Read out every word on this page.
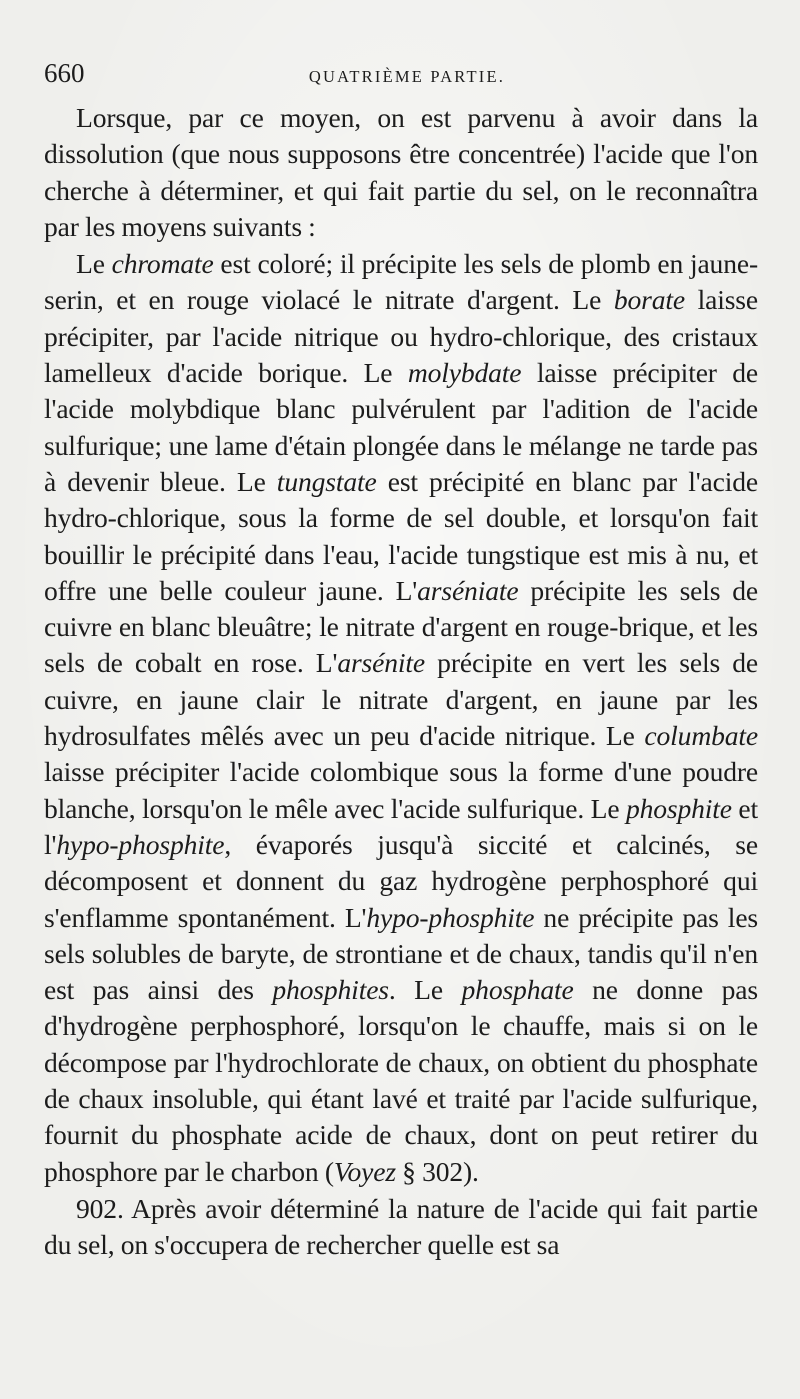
660	QUATRIÈME PARTIE.

Lorsque, par ce moyen, on est parvenu à avoir dans la dissolution (que nous supposons être concentrée) l'acide que l'on cherche à déterminer, et qui fait partie du sel, on le reconnaîtra par les moyens suivants :

Le chromate est coloré; il précipite les sels de plomb en jaune-serin, et en rouge violacé le nitrate d'argent. Le borate laisse précipiter, par l'acide nitrique ou hydro-chlorique, des cristaux lamelleux d'acide borique. Le molybdate laisse précipiter de l'acide molybdique blanc pulvérulent par l'adition de l'acide sulfurique; une lame d'étain plongée dans le mélange ne tarde pas à devenir bleue. Le tungstate est précipité en blanc par l'acide hydro-chlorique, sous la forme de sel double, et lorsqu'on fait bouillir le précipité dans l'eau, l'acide tungstique est mis à nu, et offre une belle couleur jaune. L'arséniate précipite les sels de cuivre en blanc bleuâtre; le nitrate d'argent en rouge-brique, et les sels de cobalt en rose. L'arsénite précipite en vert les sels de cuivre, en jaune clair le nitrate d'argent, en jaune par les hydrosulfates mêlés avec un peu d'acide nitrique. Le columbate laisse précipiter l'acide colombique sous la forme d'une poudre blanche, lorsqu'on le mêle avec l'acide sulfurique. Le phosphite et l'hypo-phosphite, évaporés jusqu'à siccité et calcinés, se décomposent et donnent du gaz hydrogène perphosphoré qui s'enflamme spontanément. L'hypo-phosphite ne précipite pas les sels solubles de baryte, de strontiane et de chaux, tandis qu'il n'en est pas ainsi des phosphites. Le phosphate ne donne pas d'hydrogène perphosphoré, lorsqu'on le chauffe, mais si on le décompose par l'hydrochlorate de chaux, on obtient du phosphate de chaux insoluble, qui étant lavé et traité par l'acide sulfurique, fournit du phosphate acide de chaux, dont on peut retirer du phosphore par le charbon (Voyez § 302).

902. Après avoir déterminé la nature de l'acide qui fait partie du sel, on s'occupera de rechercher quelle est sa
